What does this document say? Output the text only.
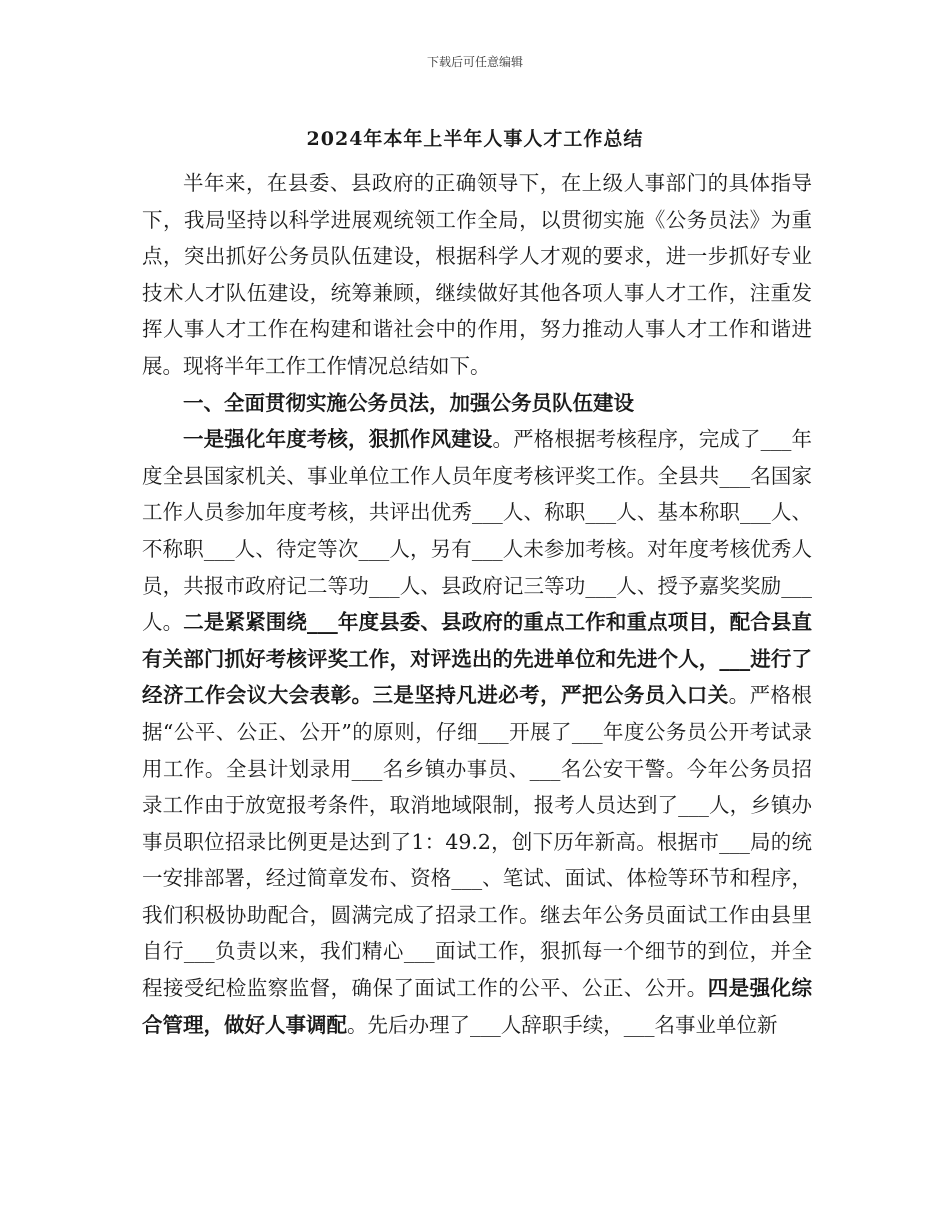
下载后可任意编辑
2024年本年上半年人事人才工作总结

半年来，在县委、县政府的正确领导下，在上级人事部门的具体指导下，我局坚持以科学进展观统领工作全局，以贯彻实施《公务员法》为重点，突出抓好公务员队伍建设，根据科学人才观的要求，进一步抓好专业技术人才队伍建设，统筹兼顾，继续做好其他各项人事人才工作，注重发挥人事人才工作在构建和谐社会中的作用，努力推动人事人才工作和谐进展。现将半年工作工作情况总结如下。

一、全面贯彻实施公务员法，加强公务员队伍建设

一是强化年度考核，狠抓作风建设。严格根据考核程序，完成了___年度全县国家机关、事业单位工作人员年度考核评奖工作。全县共___名国家工作人员参加年度考核，共评出优秀___人、称职___人、基本称职___人、不称职___人、待定等次___人，另有___人未参加考核。对年度考核优秀人员，共报市政府记二等功___人、县政府记三等功___人、授予嘉奖奖励___人。二是紧紧围绕___年度县委、县政府的重点工作和重点项目，配合县直有关部门抓好考核评奖工作，对评选出的先进单位和先进个人，___进行了经济工作会议大会表彰。三是坚持凡进必考，严把公务员入口关。严格根据“公平、公正、公开”的原则，仔细___开展了___年度公务员公开考试录用工作。全县计划录用___名乡镇办事员、___名公安干警。今年公务员招录工作由于放宽报考条件，取消地域限制，报考人员达到了___人，乡镇办事员职位招录比例更是达到了1：49.2，创下历年新高。根据市___局的统一安排部署，经过简章发布、资格___、笔试、面试、体检等环节和程序，我们积极协助配合，圆满完成了招录工作。继去年公务员面试工作由县里自行___负责以来，我们精心___面试工作，狠抓每一个细节的到位，并全程接受纪检监察监督，确保了面试工作的公平、公正、公开。四是强化综合管理，做好人事调配。先后办理了___人辞职手续，___名事业单位新
